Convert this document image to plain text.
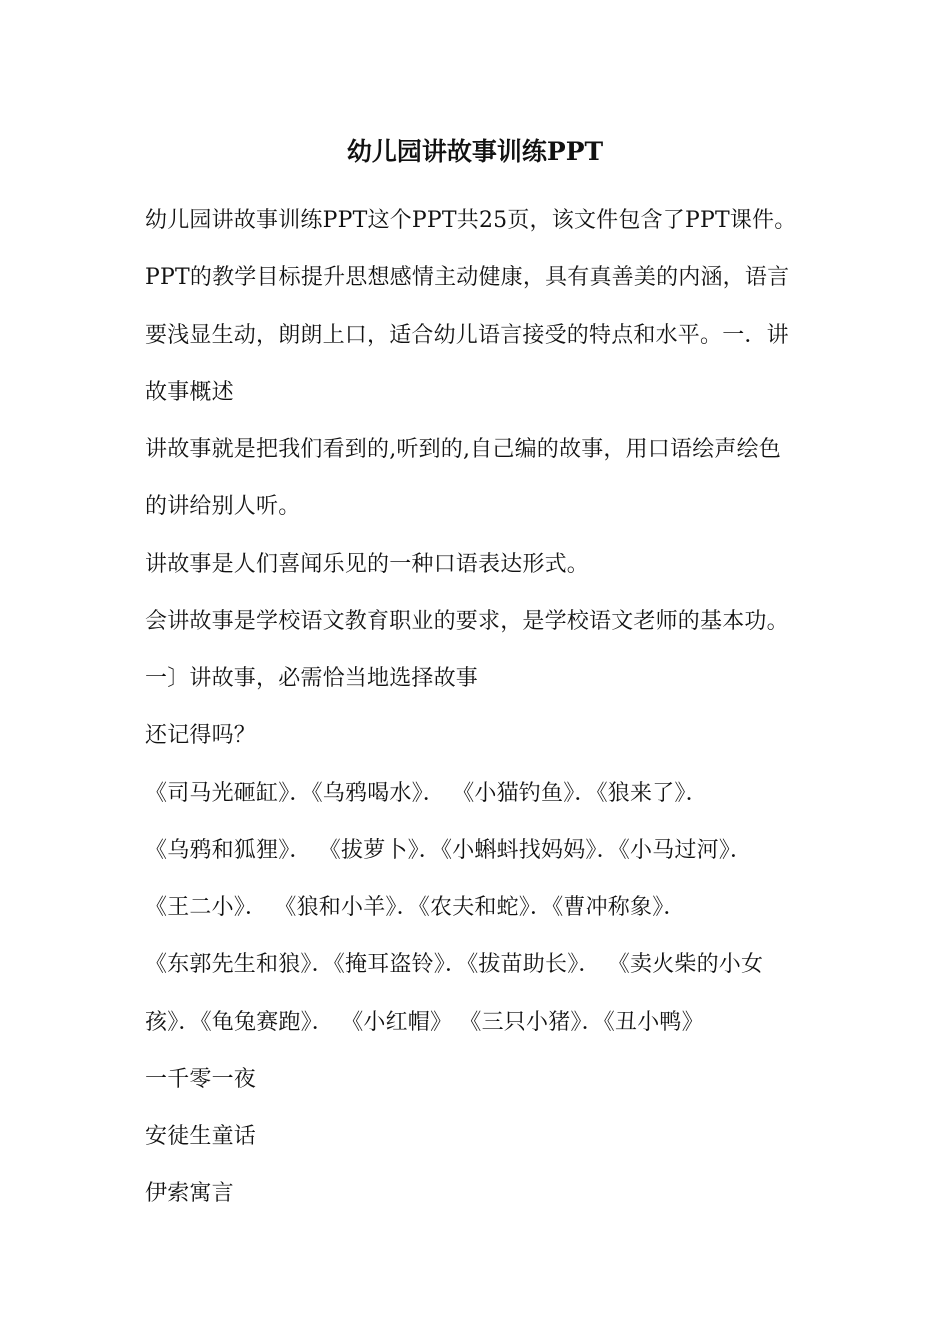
幼儿园讲故事训练PPT
幼儿园讲故事训练PPT这个PPT共25页，该文件包含了PPT课件。
PPT的教学目标提升思想感情主动健康，具有真善美的内涵，语言
要浅显生动，朗朗上口，适合幼儿语言接受的特点和水平。一．讲
故事概述
讲故事就是把我们看到的,听到的,自己编的故事，用口语绘声绘色
的讲给别人听。
讲故事是人们喜闻乐见的一种口语表达形式。
会讲故事是学校语文教育职业的要求，是学校语文老师的基本功。
一〕讲故事，必需恰当地选择故事
还记得吗？
《司马光砸缸》．《乌鸦喝水》． 《小猫钓鱼》．《狼来了》．
《乌鸦和狐狸》． 《拔萝卜》．《小蝌蚪找妈妈》．《小马过河》．
《王二小》． 《狼和小羊》．《农夫和蛇》．《曹冲称象》．
《东郭先生和狼》．《掩耳盗铃》．《拔苗助长》． 《卖火柴的小女
孩》．《龟兔赛跑》． 《小红帽》 《三只小猪》．《丑小鸭》
一千零一夜
安徒生童话
伊索寓言
